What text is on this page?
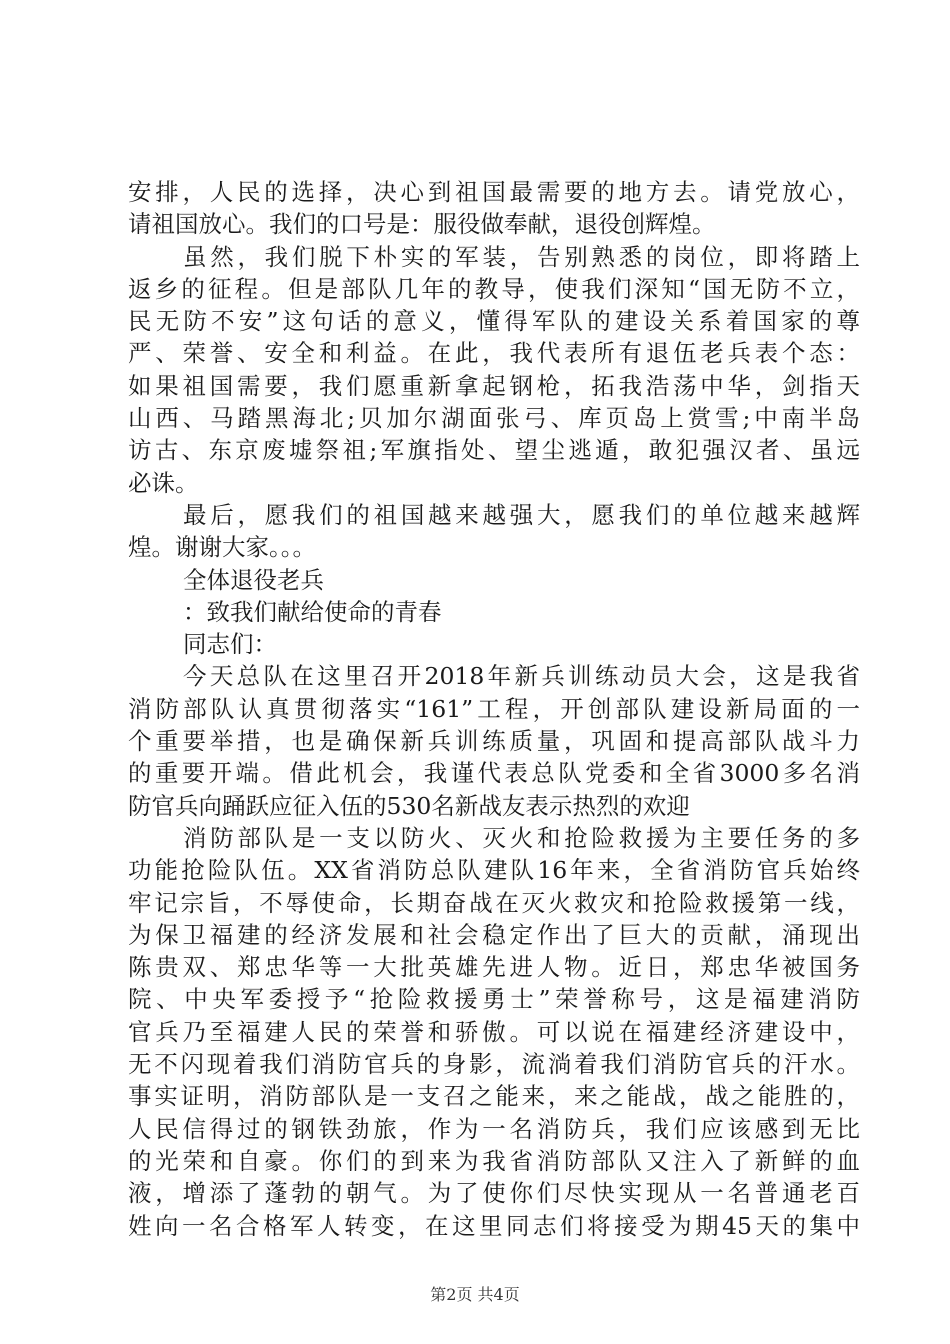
安排，人民的选择，决心到祖国最需要的地方去。请党放心，
请祖国放心。我们的口号是：服役做奉献，退役创辉煌。
虽然，我们脱下朴实的军装，告别熟悉的岗位，即将踏上
返乡的征程。但是部队几年的教导，使我们深知“国无防不立，
民无防不安”这句话的意义，懂得军队的建设关系着国家的尊
严、荣誉、安全和利益。在此，我代表所有退伍老兵表个态：
如果祖国需要，我们愿重新拿起钢枪，拓我浩荡中华，剑指天
山西、马踏黑海北;贝加尔湖面张弓、库页岛上赏雪;中南半岛
访古、东京废墟祭祖;军旗指处、望尘逃遁，敢犯强汉者、虽远
必诛。
最后，愿我们的祖国越来越强大，愿我们的单位越来越辉
煌。谢谢大家。。。
全体退役老兵
：致我们献给使命的青春
同志们：
今天总队在这里召开2018年新兵训练动员大会，这是我省
消防部队认真贯彻落实“161”工程，开创部队建设新局面的一
个重要举措，也是确保新兵训练质量，巩固和提高部队战斗力
的重要开端。借此机会，我谨代表总队党委和全省3000多名消
防官兵向踊跃应征入伍的530名新战友表示热烈的欢迎
消防部队是一支以防火、灭火和抢险救援为主要任务的多
功能抢险队伍。XX省消防总队建队16年来，全省消防官兵始终
牢记宗旨，不辱使命，长期奋战在灭火救灾和抢险救援第一线，
为保卫福建的经济发展和社会稳定作出了巨大的贡献，涌现出
陈贵双、郑忠华等一大批英雄先进人物。近日，郑忠华被国务
院、中央军委授予“抢险救援勇士”荣誉称号，这是福建消防
官兵乃至福建人民的荣誉和骄傲。可以说在福建经济建设中，
无不闪现着我们消防官兵的身影，流淌着我们消防官兵的汗水。
事实证明，消防部队是一支召之能来，来之能战，战之能胜的，
人民信得过的钢铁劲旅，作为一名消防兵，我们应该感到无比
的光荣和自豪。你们的到来为我省消防部队又注入了新鲜的血
液，增添了蓬勃的朝气。为了使你们尽快实现从一名普通老百
姓向一名合格军人转变，在这里同志们将接受为期45天的集中
第2页 共4页
